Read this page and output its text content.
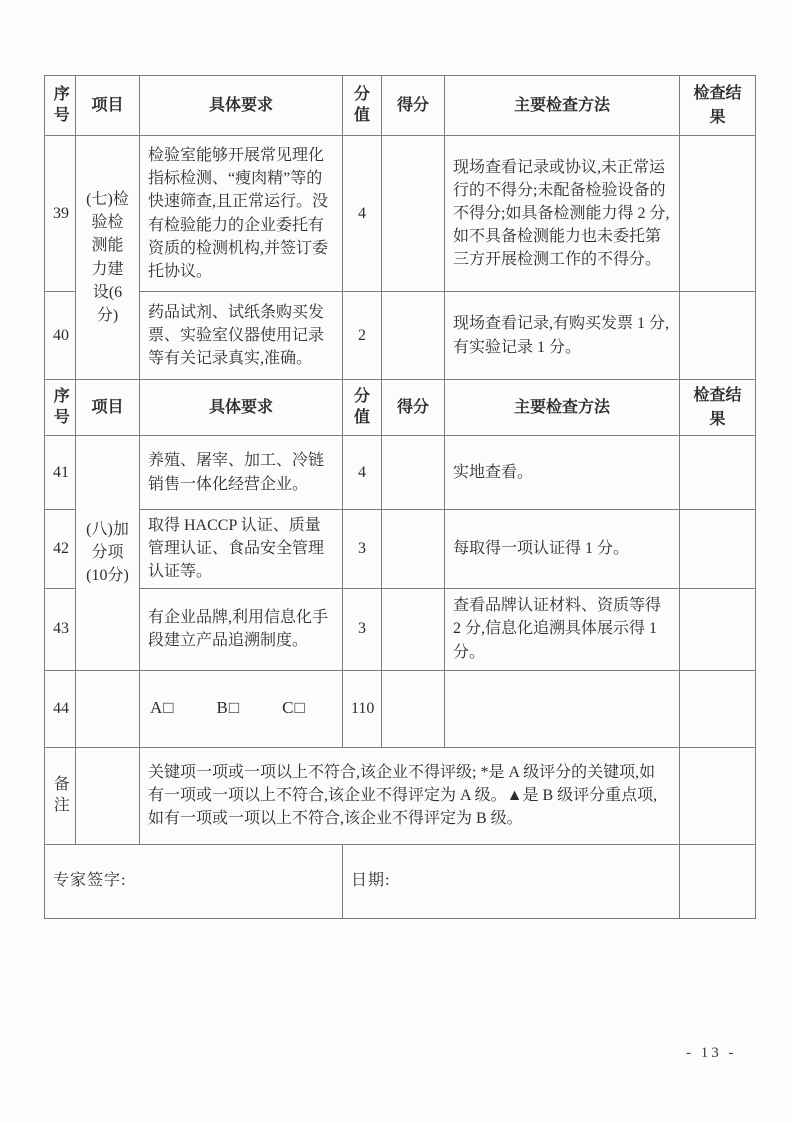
序号	项目	具体要求	分值	得分	主要检查方法	检查结果
39	(七)检验检测能力建设(6分)	检验室能够开展常见理化指标检测、“瘦肉精”等的快速筛查,且正常运行。没有检验能力的企业委托有资质的检测机构,并签订委托协议。	4		现场查看记录或协议,未正常运行的不得分;未配备检验设备的不得分;如具备检测能力得 2 分,如不具备检测能力也未委托第三方开展检测工作的不得分。	
40		药品试剂、试纸条购买发票、实验室仪器使用记录等有关记录真实,准确。	2		现场查看记录,有购买发票 1 分,有实验记录 1 分。	
序号	项目	具体要求	分值	得分	主要检查方法	检查结果
41	(八)加分项(10分)	养殖、屠宰、加工、冷链销售一体化经营企业。	4		实地查看。	
42		取得 HACCP 认证、质量管理认证、食品安全管理认证等。	3		每取得一项认证得 1 分。	
43		有企业品牌,利用信息化手段建立产品追溯制度。	3		查看品牌认证材料、资质等得 2 分,信息化追溯具体展示得 1 分。	
44		A□ B□ C□	110			
备注		关键项一项或一项以上不符合,该企业不得评级; *是 A 级评分的关键项,如有一项或一项以上不符合,该企业不得评定为 A 级。▲是 B 级评分重点项,如有一项或一项以上不符合,该企业不得评定为 B 级。				
专家签字:			日期:			
- 13 -
